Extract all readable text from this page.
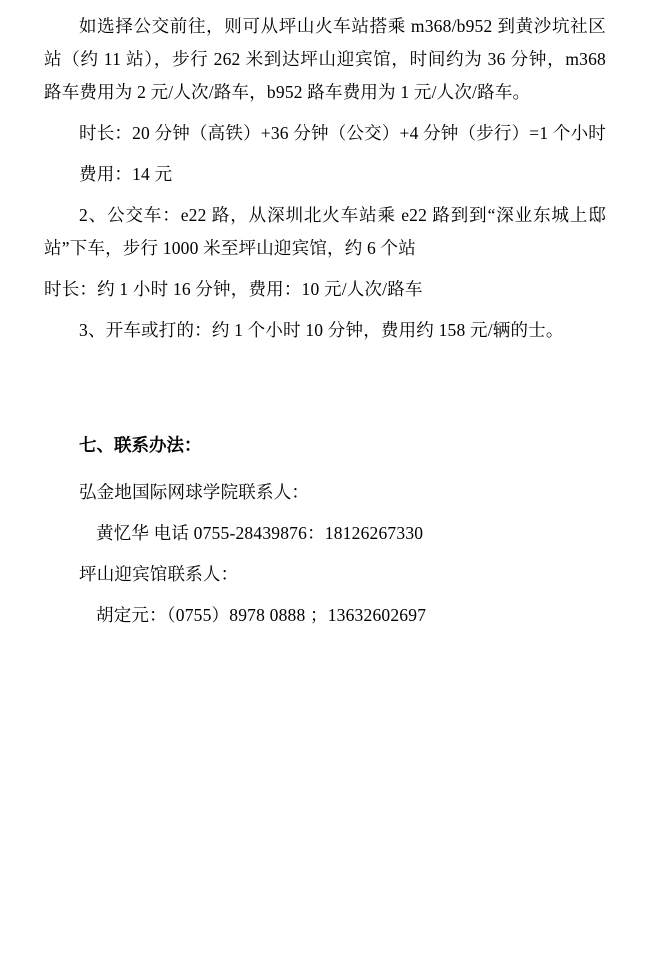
如选择公交前往，则可从坪山火车站搭乘 m368/b952 到黄沙坑社区站（约 11 站），步行 262 米到达坪山迎宾馆，时间约为 36 分钟，m368 路车费用为 2 元/人次/路车，b952 路车费用为 1 元/人次/路车。

时长：20 分钟（高铁）+36 分钟（公交）+4 分钟（步行）=1 个小时

费用：14 元

2、公交车：e22 路，从深圳北火车站乘 e22 路到到“深业东城上邸站”下车，步行 1000 米至坪山迎宾馆，约 6 个站

时长：约 1 小时 16 分钟，费用：10 元/人次/路车

3、开车或打的：约 1 个小时 10 分钟，费用约 158 元/辆的士。

七、联系办法：

弘金地国际网球学院联系人：

黄忆华 电话 0755-28439876：18126267330

坪山迎宾馆联系人：

胡定元：（0755）8978 0888 ；13632602697
